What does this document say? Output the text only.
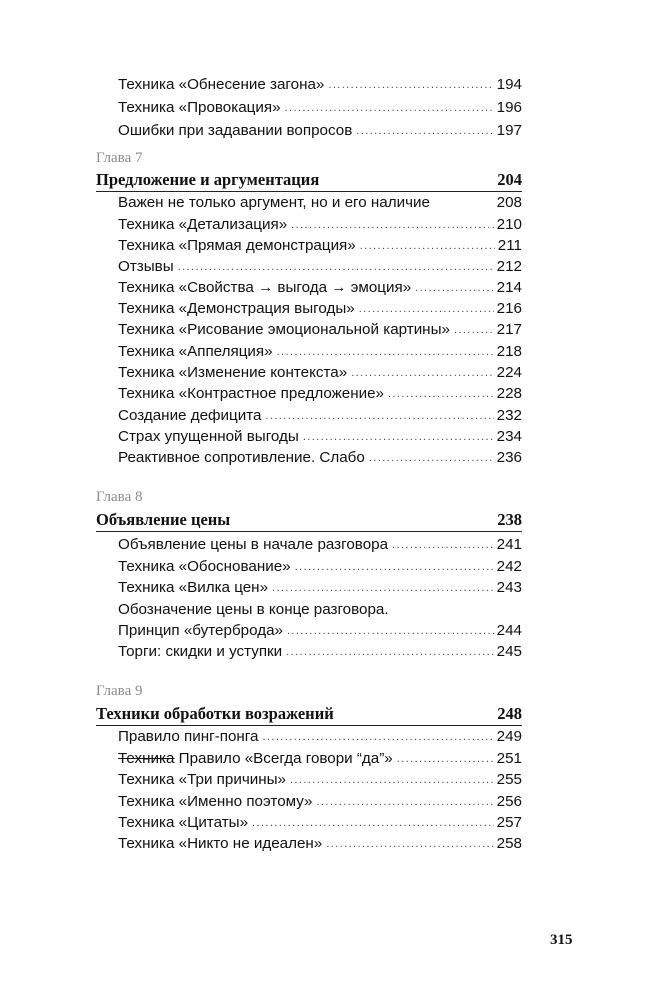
Техника «Обнесение загона» .....	194
Техника «Провокация» .....	196
Ошибки при задавании вопросов .....	197
Глава 7
Предложение и аргументация	204
Важен не только аргумент, но и его наличие	208
Техника «Детализация» .....	210
Техника «Прямая демонстрация» .....	211
Отзывы .....	212
Техника «Свойства → выгода → эмоция» .....	214
Техника «Демонстрация выгоды» .....	216
Техника «Рисование эмоциональной картины» .....	217
Техника «Аппеляция» .....	218
Техника «Изменение контекста» .....	224
Техника «Контрастное предложение» .....	228
Создание дефицита .....	232
Страх упущенной выгоды .....	234
Реактивное сопротивление. Слабо .....	236
Глава 8
Объявление цены	238
Объявление цены в начале разговора .....	241
Техника «Обоснование» .....	242
Техника «Вилка цен» .....	243
Обозначение цены в конце разговора.
Принцип «бутерброда» .....	244
Торги: скидки и уступки .....	245
Глава 9
Техники обработки возражений	248
Правило пинг-понга .....	249
Техника Правило «Всегда говори “да”» .....	251
Техника «Три причины» .....	255
Техника «Именно поэтому» .....	256
Техника «Цитаты» .....	257
Техника «Никто не идеален» .....	258
315
